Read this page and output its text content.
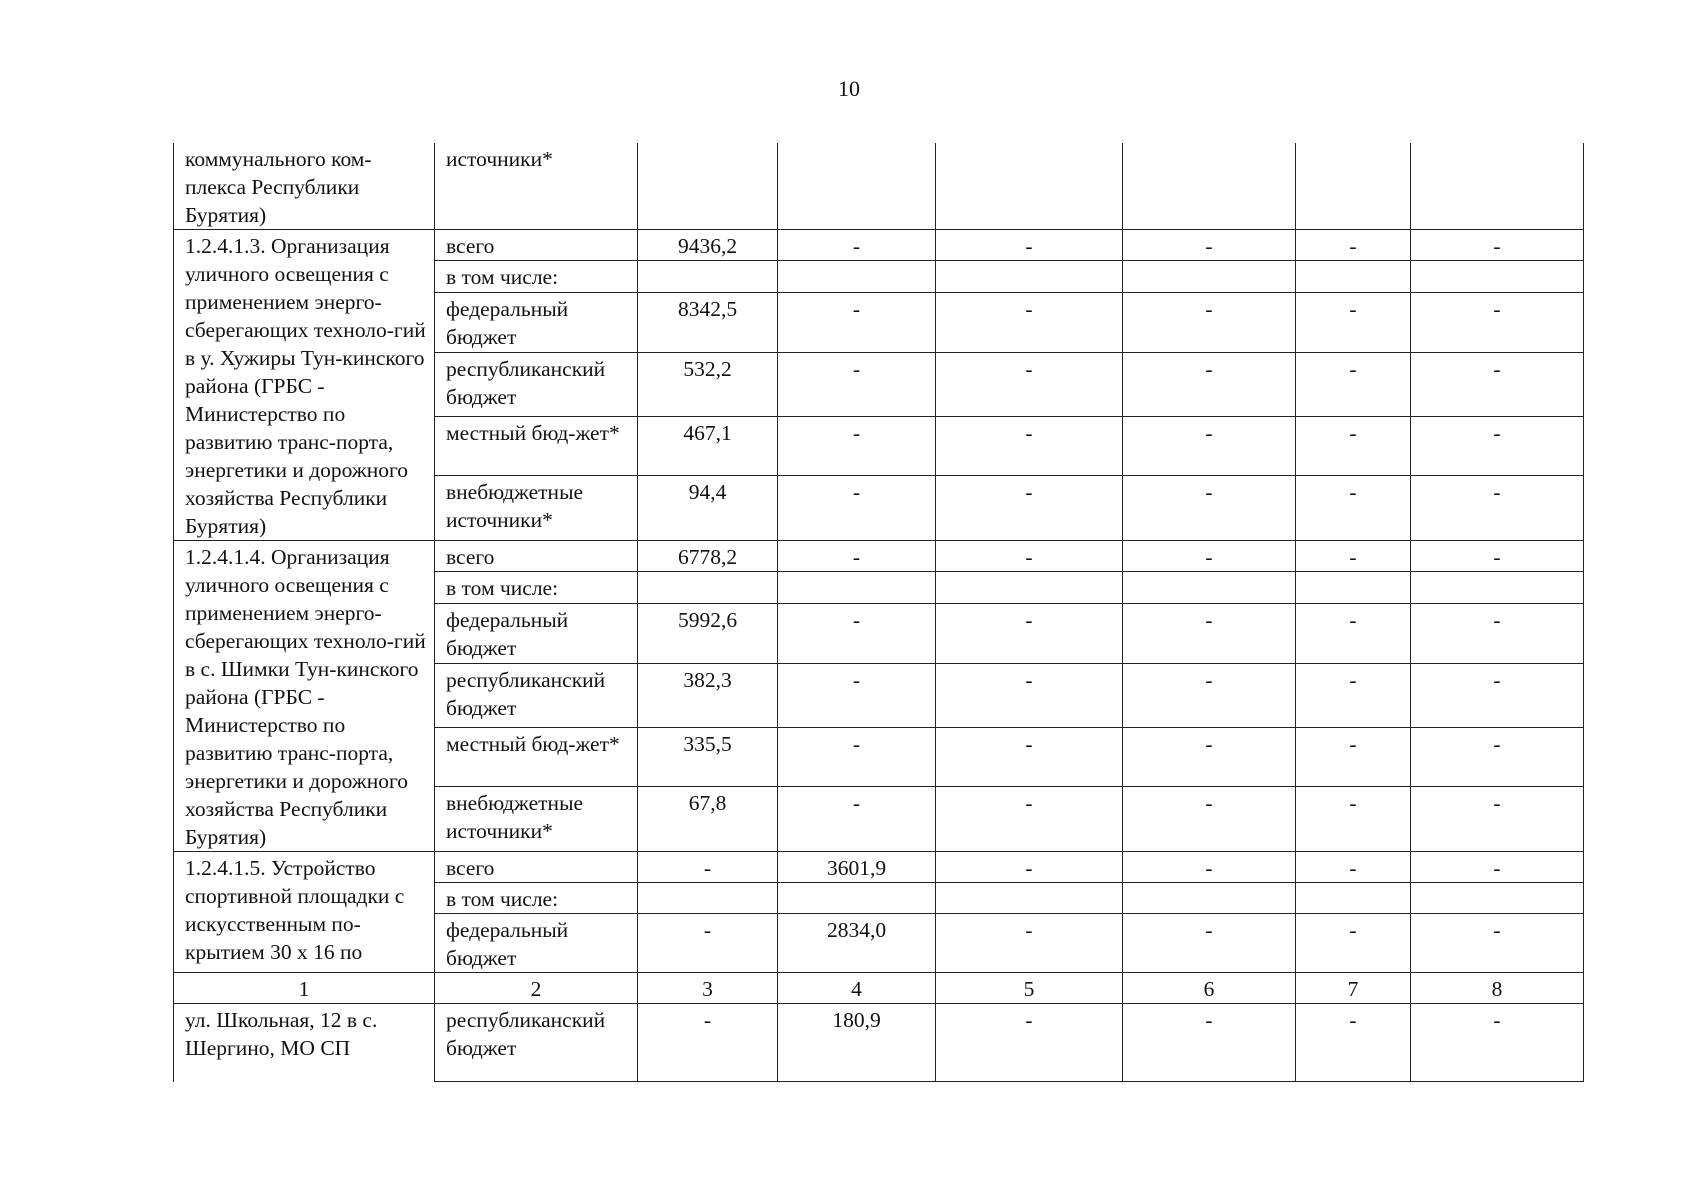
10
коммунального ком-плекса Республики Бурятия)	источники*						
1.2.4.1.3. Организация уличного освещения с применением энерго-сберегающих техноло-гий в у. Хужиры Тун-кинского района (ГРБС - Министерство по развитию транс-порта, энергетики и дорожного хозяйства Республики Бурятия)	всего	9436,2	-	-	-	-	-
	в том числе:						
	федеральный бюджет	8342,5	-	-	-	-	-
	республиканский бюджет	532,2	-	-	-	-	-
	местный бюд-жет*	467,1	-	-	-	-	-
	внебюджетные источники*	94,4	-	-	-	-	-
1.2.4.1.4. Организация уличного освещения с применением энерго-сберегающих техноло-гий в с. Шимки Тун-кинского района (ГРБС - Министерство по развитию транс-порта, энергетики и дорожного хозяйства Республики Бурятия)	всего	6778,2	-	-	-	-	-
	в том числе:						
	федеральный бюджет	5992,6	-	-	-	-	-
	республиканский бюджет	382,3	-	-	-	-	-
	местный бюд-жет*	335,5	-	-	-	-	-
	внебюджетные источники*	67,8	-	-	-	-	-
1.2.4.1.5. Устройство спортивной площадки с искусственным по-крытием 30 х 16 по	всего	-	3601,9	-	-	-	-
	в том числе:						
	федеральный бюджет	-	2834,0	-	-	-	-
1	2	3	4	5	6	7	8
ул. Школьная, 12 в с. Шергино, МО СП	республиканский бюджет	-	180,9	-	-	-	-
